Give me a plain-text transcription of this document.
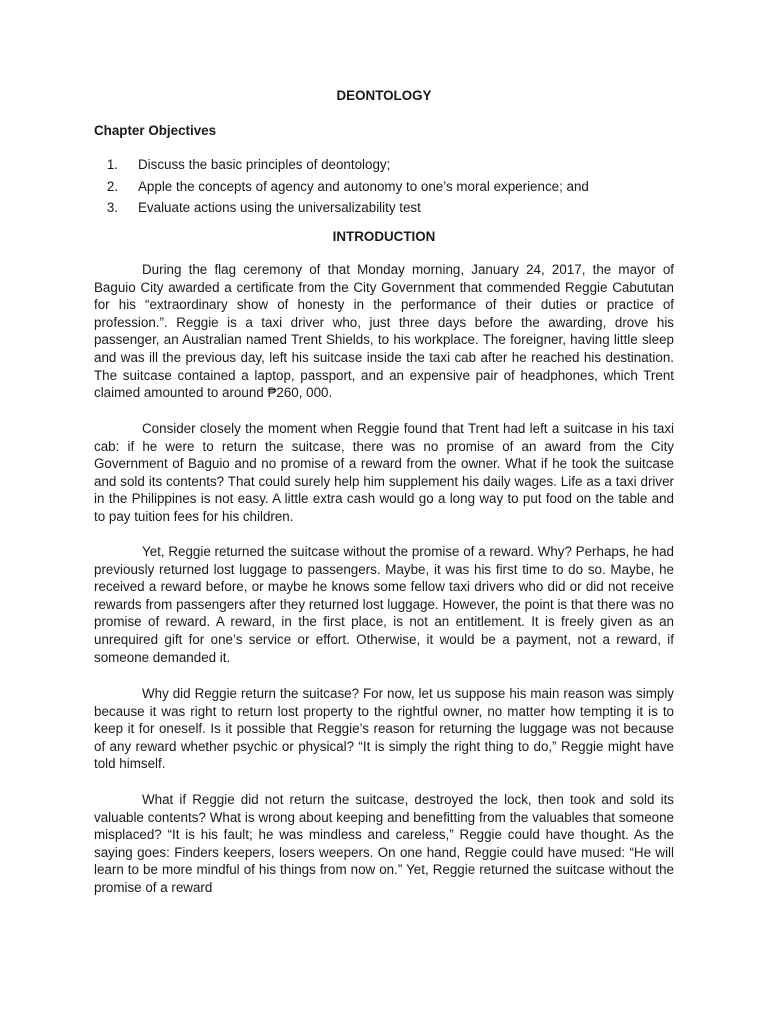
DEONTOLOGY
Chapter Objectives
1. Discuss the basic principles of deontology;
2. Apple the concepts of agency and autonomy to one’s moral experience; and
3. Evaluate actions using the universalizability test
INTRODUCTION

During the flag ceremony of that Monday morning, January 24, 2017, the mayor of Baguio City awarded a certificate from the City Government that commended Reggie Cabututan for his “extraordinary show of honesty in the performance of their duties or practice of profession.”. Reggie is a taxi driver who, just three days before the awarding, drove his passenger, an Australian named Trent Shields, to his workplace. The foreigner, having little sleep and was ill the previous day, left his suitcase inside the taxi cab after he reached his destination. The suitcase contained a laptop, passport, and an expensive pair of headphones, which Trent claimed amounted to around ₱260, 000.

Consider closely the moment when Reggie found that Trent had left a suitcase in his taxi cab: if he were to return the suitcase, there was no promise of an award from the City Government of Baguio and no promise of a reward from the owner. What if he took the suitcase and sold its contents? That could surely help him supplement his daily wages. Life as a taxi driver in the Philippines is not easy. A little extra cash would go a long way to put food on the table and to pay tuition fees for his children.

Yet, Reggie returned the suitcase without the promise of a reward. Why? Perhaps, he had previously returned lost luggage to passengers. Maybe, it was his first time to do so. Maybe, he received a reward before, or maybe he knows some fellow taxi drivers who did or did not receive rewards from passengers after they returned lost luggage. However, the point is that there was no promise of reward. A reward, in the first place, is not an entitlement. It is freely given as an unrequired gift for one’s service or effort. Otherwise, it would be a payment, not a reward, if someone demanded it.

Why did Reggie return the suitcase? For now, let us suppose his main reason was simply because it was right to return lost property to the rightful owner, no matter how tempting it is to keep it for oneself. Is it possible that Reggie’s reason for returning the luggage was not because of any reward whether psychic or physical? “It is simply the right thing to do,” Reggie might have told himself.

What if Reggie did not return the suitcase, destroyed the lock, then took and sold its valuable contents? What is wrong about keeping and benefitting from the valuables that someone misplaced? “It is his fault; he was mindless and careless,” Reggie could have thought. As the saying goes: Finders keepers, losers weepers. On one hand, Reggie could have mused: “He will learn to be more mindful of his things from now on.” Yet, Reggie returned the suitcase without the promise of a reward
